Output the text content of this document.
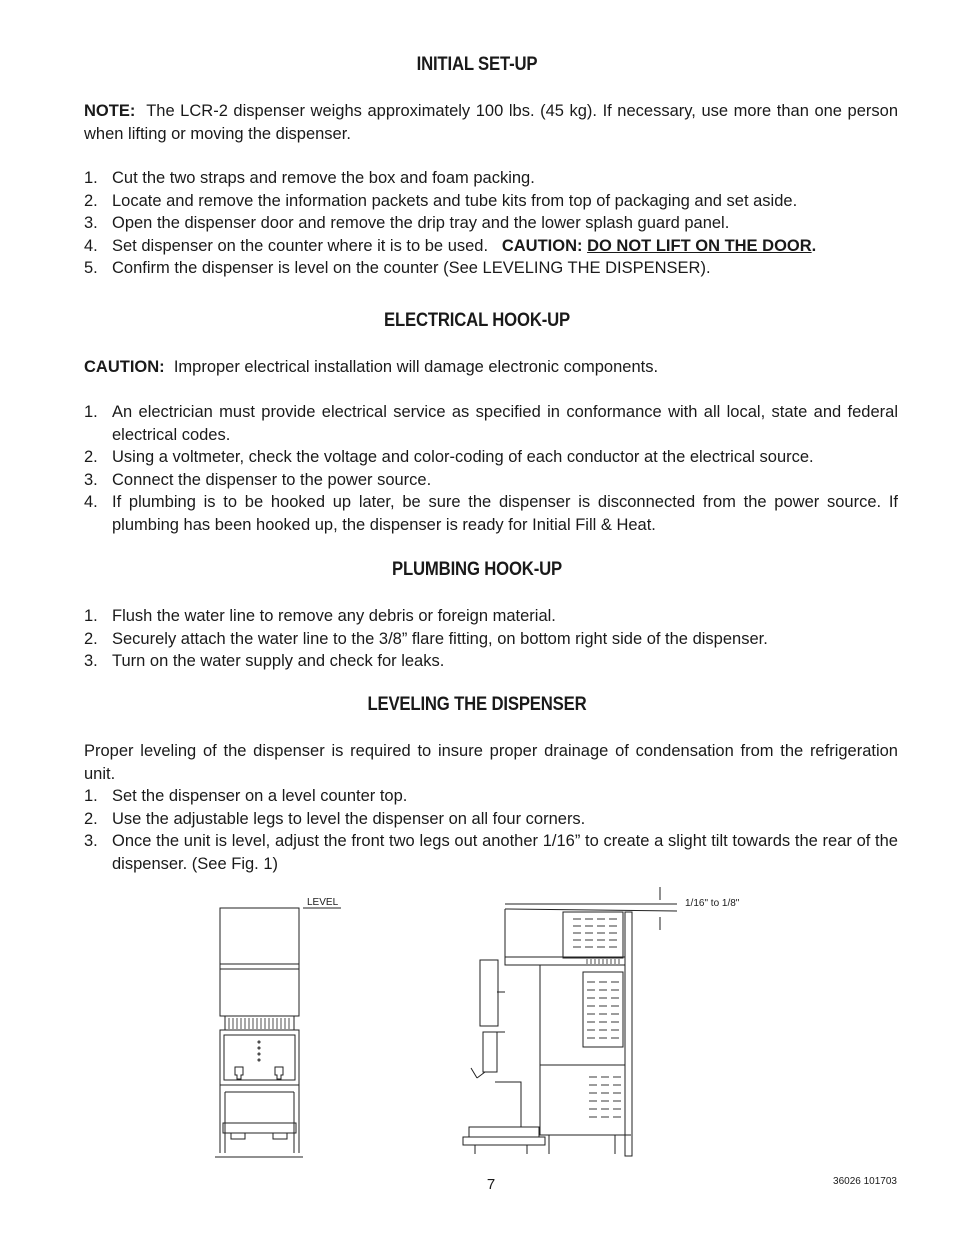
INITIAL SET-UP
NOTE: The LCR-2 dispenser weighs approximately 100 lbs. (45 kg). If necessary, use more than one person when lifting or moving the dispenser.
1. Cut the two straps and remove the box and foam packing.
2. Locate and remove the information packets and tube kits from top of packaging and set aside.
3. Open the dispenser door and remove the drip tray and the lower splash guard panel.
4. Set dispenser on the counter where it is to be used. CAUTION: DO NOT LIFT ON THE DOOR.
5. Confirm the dispenser is level on the counter (See LEVELING THE DISPENSER).
ELECTRICAL HOOK-UP
CAUTION: Improper electrical installation will damage electronic components.
1. An electrician must provide electrical service as specified in conformance with all local, state and federal electrical codes.
2. Using a voltmeter, check the voltage and color-coding of each conductor at the electrical source.
3. Connect the dispenser to the power source.
4. If plumbing is to be hooked up later, be sure the dispenser is disconnected from the power source. If plumbing has been hooked up, the dispenser is ready for Initial Fill & Heat.
PLUMBING HOOK-UP
1. Flush the water line to remove any debris or foreign material.
2. Securely attach the water line to the 3/8” flare fitting, on bottom right side of the dispenser.
3. Turn on the water supply and check for leaks.
LEVELING THE DISPENSER
Proper leveling of the dispenser is required to insure proper drainage of condensation from the refrigeration unit.
1. Set the dispenser on a level counter top.
2. Use the adjustable legs to level the dispenser on all four corners.
3. Once the unit is level, adjust the front two legs out another 1/16” to create a slight tilt towards the rear of the dispenser. (See Fig. 1)
LEVEL	1/16" to 1/8"
7	36026 101703
